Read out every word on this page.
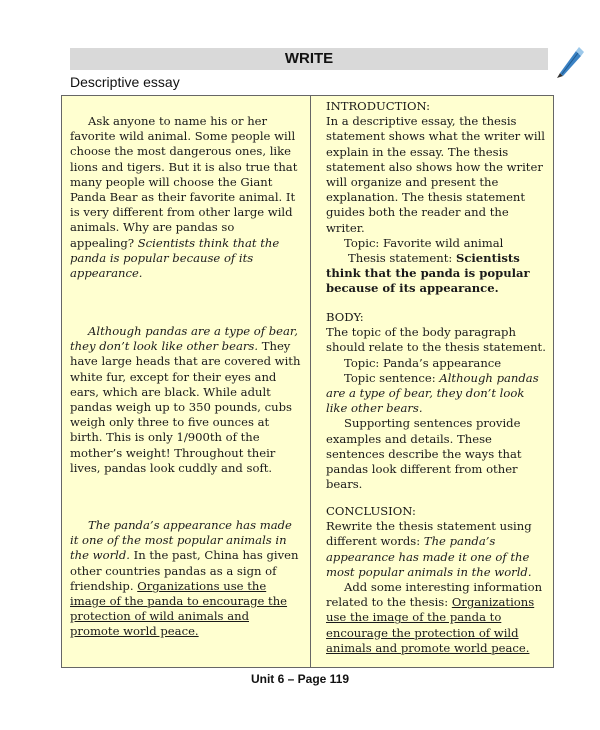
WRITE
Descriptive essay

Ask anyone to name his or her favorite wild animal. Some people will choose the most dangerous ones, like lions and tigers. But it is also true that many people will choose the Giant Panda Bear as their favorite animal. It is very different from other large wild animals. Why are pandas so appealing? Scientists think that the panda is popular because of its appearance.

Although pandas are a type of bear, they don’t look like other bears. They have large heads that are covered with white fur, except for their eyes and ears, which are black. While adult pandas weigh up to 350 pounds, cubs weigh only three to five ounces at birth. This is only 1/900th of the mother’s weight! Throughout their lives, pandas look cuddly and soft.

The panda’s appearance has made it one of the most popular animals in the world. In the past, China has given other countries pandas as a sign of friendship. Organizations use the image of the panda to encourage the protection of wild animals and promote world peace.

INTRODUCTION:

In a descriptive essay, the thesis statement shows what the writer will explain in the essay. The thesis statement also shows how the writer will organize and present the explanation. The thesis statement guides both the reader and the writer.

Topic: Favorite wild animal

Thesis statement: Scientists think that the panda is popular because of its appearance.

BODY:

The topic of the body paragraph should relate to the thesis statement.

Topic: Panda’s appearance

Topic sentence: Although pandas are a type of bear, they don’t look like other bears.

Supporting sentences provide examples and details. These sentences describe the ways that pandas look different from other bears.

CONCLUSION:

Rewrite the thesis statement using different words: The panda’s appearance has made it one of the most popular animals in the world.

Add some interesting information related to the thesis: Organizations use the image of the panda to encourage the protection of wild animals and promote world peace.

Unit 6 – Page 119
